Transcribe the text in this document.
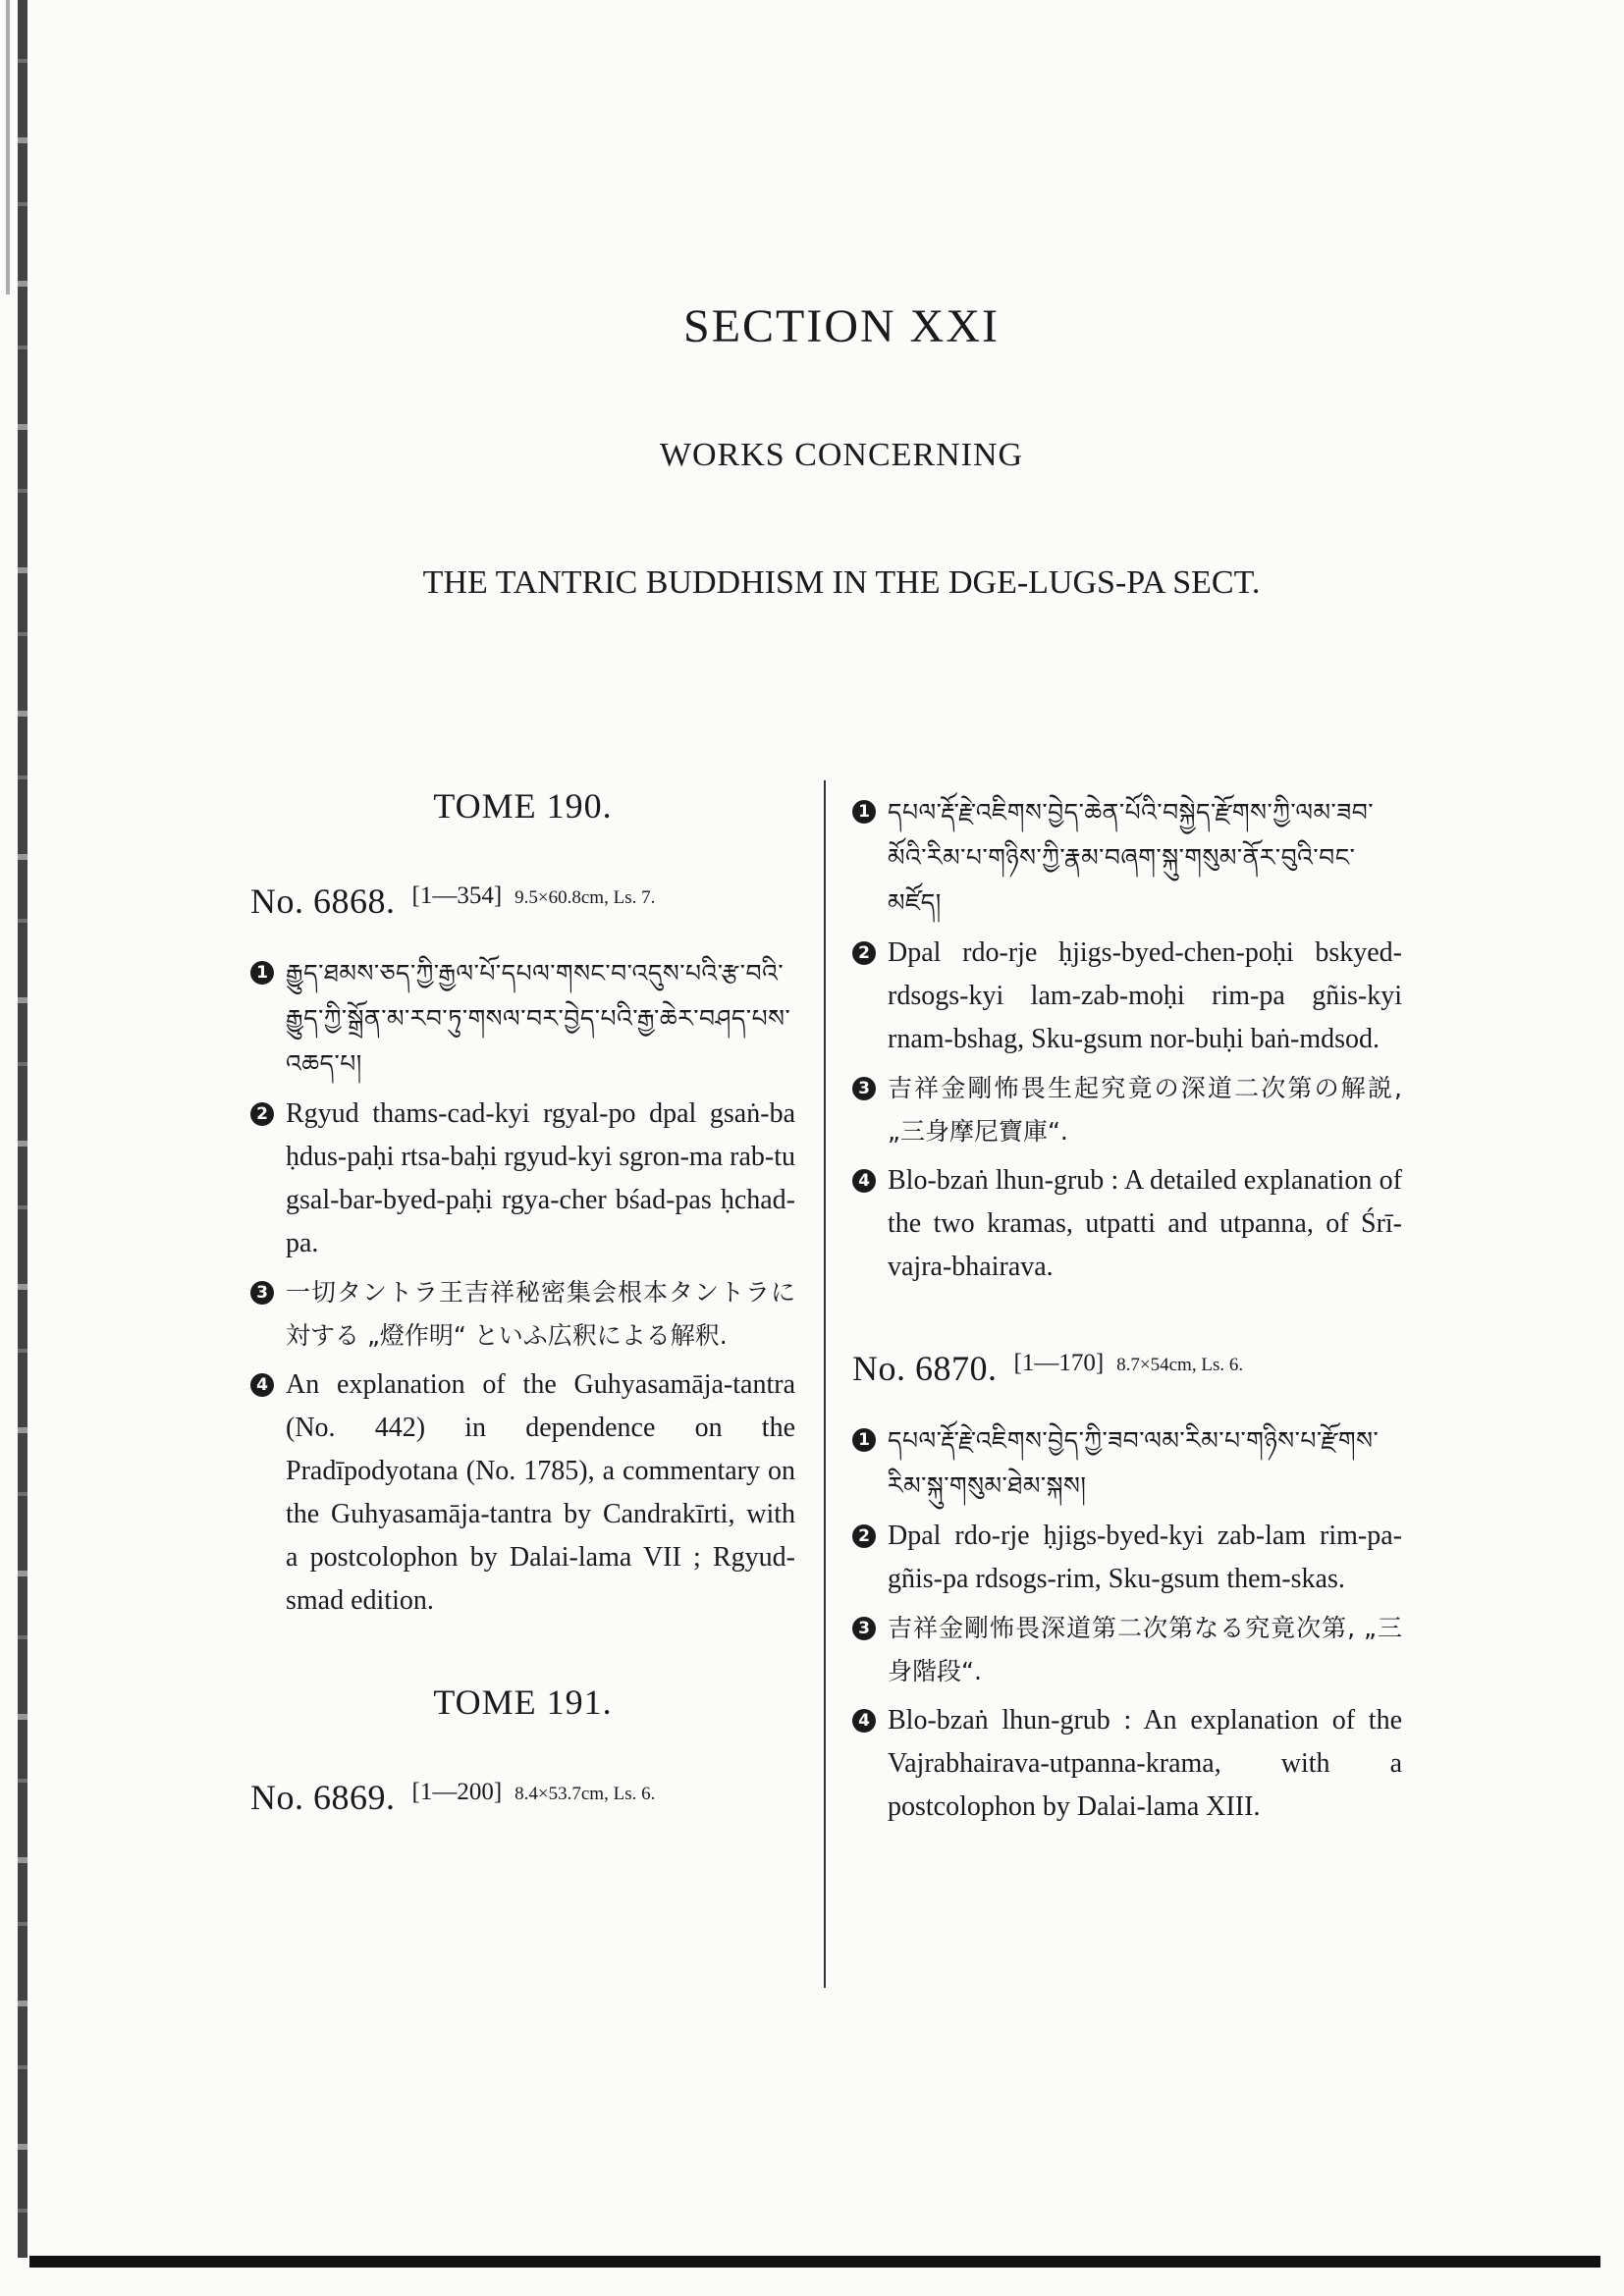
SECTION XXI
WORKS CONCERNING
THE TANTRIC BUDDHISM IN THE DGE-LUGS-PA SECT.
TOME 190.
No. 6868. [1—354] $^{9.5\times 60.8cm, Ls. 7.}$
1 རྒྱུད་ཐམས་ཅད་ཀྱི་རྒྱལ་པོ་དཔལ་གསང་བ་འདུས་པའི་རྩ་བའི་རྒྱུད་ཀྱི་སྒྲོན་མ་རབ་ཏུ་གསལ་བར་བྱེད་པའི་རྒྱ་ཆེར་བཤད་པས་འཆད་པ།
2 Rgyud thams-cad-kyi rgyal-po dpal gsaṅ-ba ḥdus-paḥi rtsa-baḥi rgyud-kyi sgron-ma rab-tu gsal-bar-byed-paḥi rgya-cher bśad-pas ḥchad-pa.
3 一切タントラ王吉祥秘密集会根本タントラに対する „燈作明“ といふ広釈による解釈.
4 An explanation of the Guhyasamāja-tantra (No. 442) in dependence on the Pradīpodyotana (No. 1785), a commentary on the Guhyasamāja-tantra by Candrakīrti, with a postcolophon by Dalai-lama VII ; Rgyud-smad edition.
TOME 191.
No. 6869. [1—200] $^{8.4\times 53.7cm, Ls. 6.}$
1 དཔལ་རྡོ་རྗེ་འཇིགས་བྱེད་ཆེན་པོའི་བསྐྱེད་རྫོགས་ཀྱི་ལམ་ཟབ་མོའི་རིམ་པ་གཉིས་ཀྱི་རྣམ་བཞག་སྐུ་གསུམ་ནོར་བུའི་བང་མཛོད།
2 Dpal rdo-rje ḥjigs-byed-chen-poḥi bskyed-rdsogs-kyi lam-zab-moḥi rim-pa gñis-kyi rnam-bshag, Sku-gsum nor-buḥi baṅ-mdsod.
3 吉祥金剛怖畏生起究竟の深道二次第の解説, „三身摩尼寶庫“.
4 Blo-bzaṅ lhun-grub : A detailed explanation of the two kramas, utpatti and utpanna, of Śrī-vajra-bhairava.
No. 6870. [1—170] $^{8.7\times 54cm, Ls. 6.}$
1 དཔལ་རྡོ་རྗེ་འཇིགས་བྱེད་ཀྱི་ཟབ་ལམ་རིམ་པ་གཉིས་པ་རྫོགས་རིམ་སྐུ་གསུམ་ཐེམ་སྐས།
2 Dpal rdo-rje ḥjigs-byed-kyi zab-lam rim-pa-gñis-pa rdsogs-rim, Sku-gsum them-skas.
3 吉祥金剛怖畏深道第二次第なる究竟次第, „三身階段“.
4 Blo-bzaṅ lhun-grub : An explanation of the Vajrabhairava-utpanna-krama, with a postcolophon by Dalai-lama XIII.
